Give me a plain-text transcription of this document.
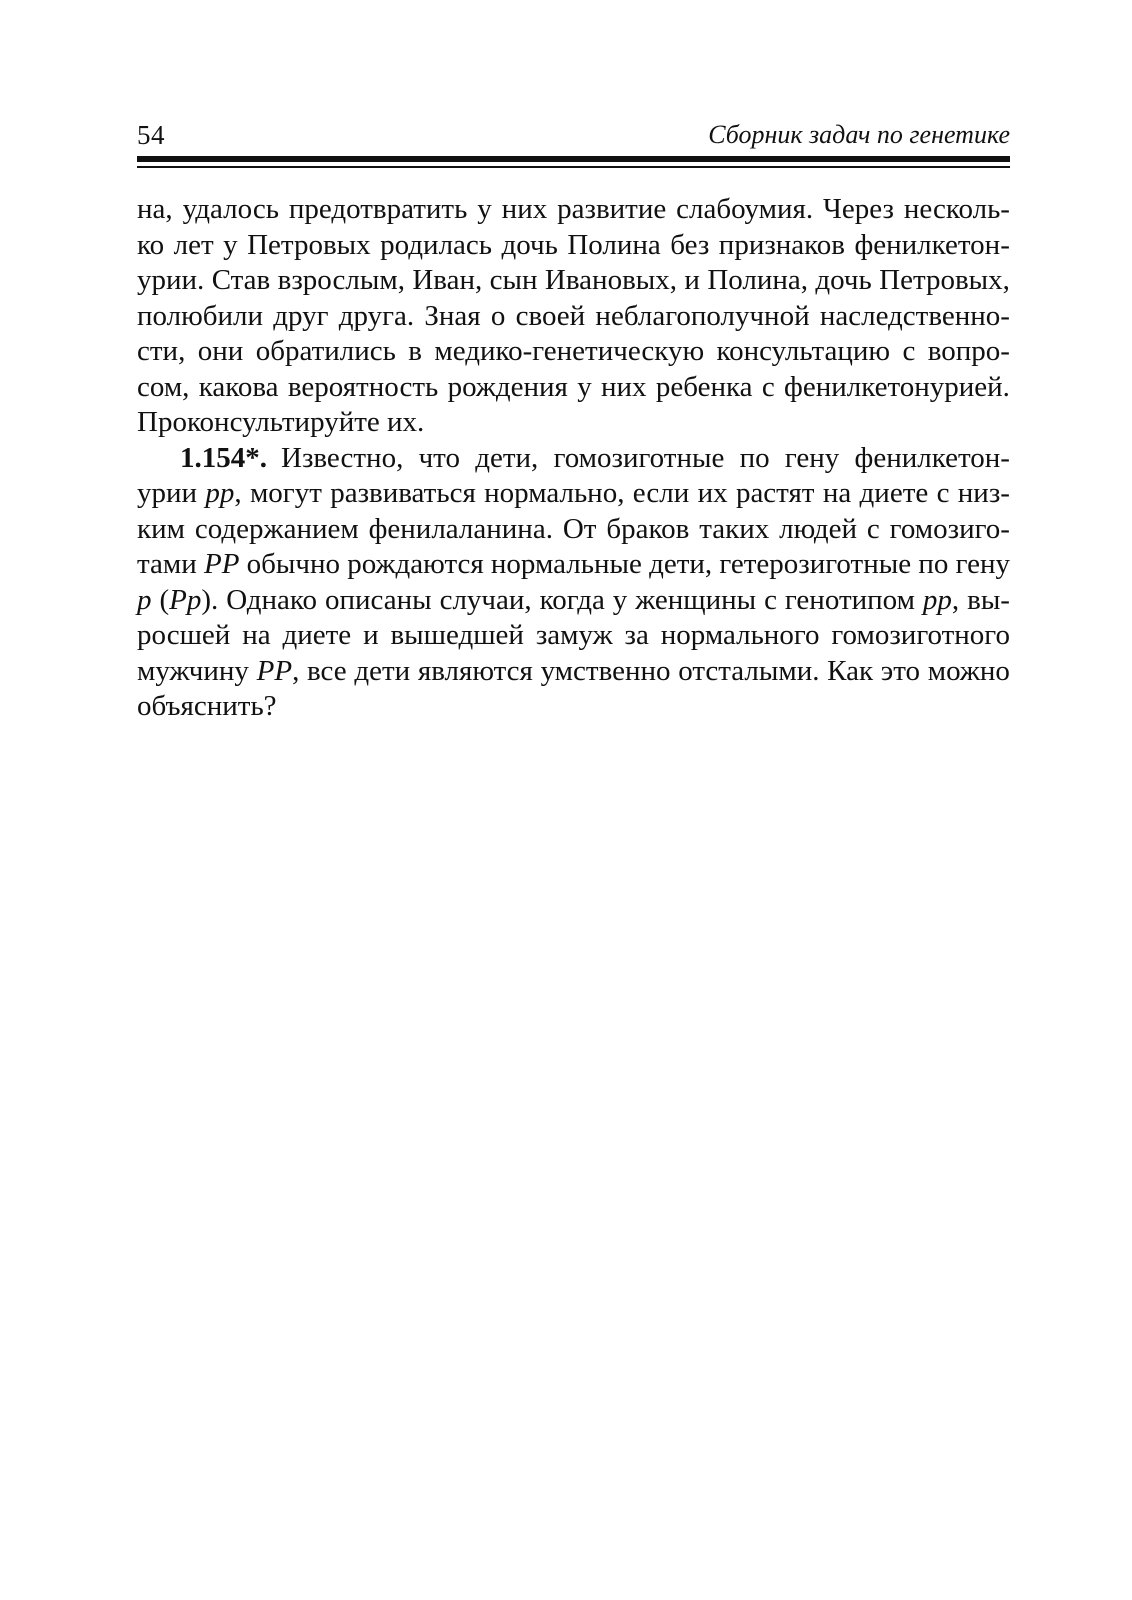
54	Сборник задач по генетике
на, удалось предотвратить у них развитие слабоумия. Через несколь-
ко лет у Петровых родилась дочь Полина без признаков фенилкетон-
урии. Став взрослым, Иван, сын Ивановых, и Полина, дочь Петровых,
полюбили друг друга. Зная о своей неблагополучной наследственно-
сти, они обратились в медико-генетическую консультацию с вопро-
сом, какова вероятность рождения у них ребенка с фенилкетонурией.
Проконсультируйте их.
1.154*. Известно, что дети, гомозиготные по гену фенилкетон-
урии pp, могут развиваться нормально, если их растят на диете с низ-
ким содержанием фенилаланина. От браков таких людей с гомозиго-
тами PP обычно рождаются нормальные дети, гетерозиготные по гену
p (Pp). Однако описаны случаи, когда у женщины с генотипом pp, вы-
росшей на диете и вышедшей замуж за нормального гомозиготного
мужчину PP, все дети являются умственно отсталыми. Как это можно
объяснить?
